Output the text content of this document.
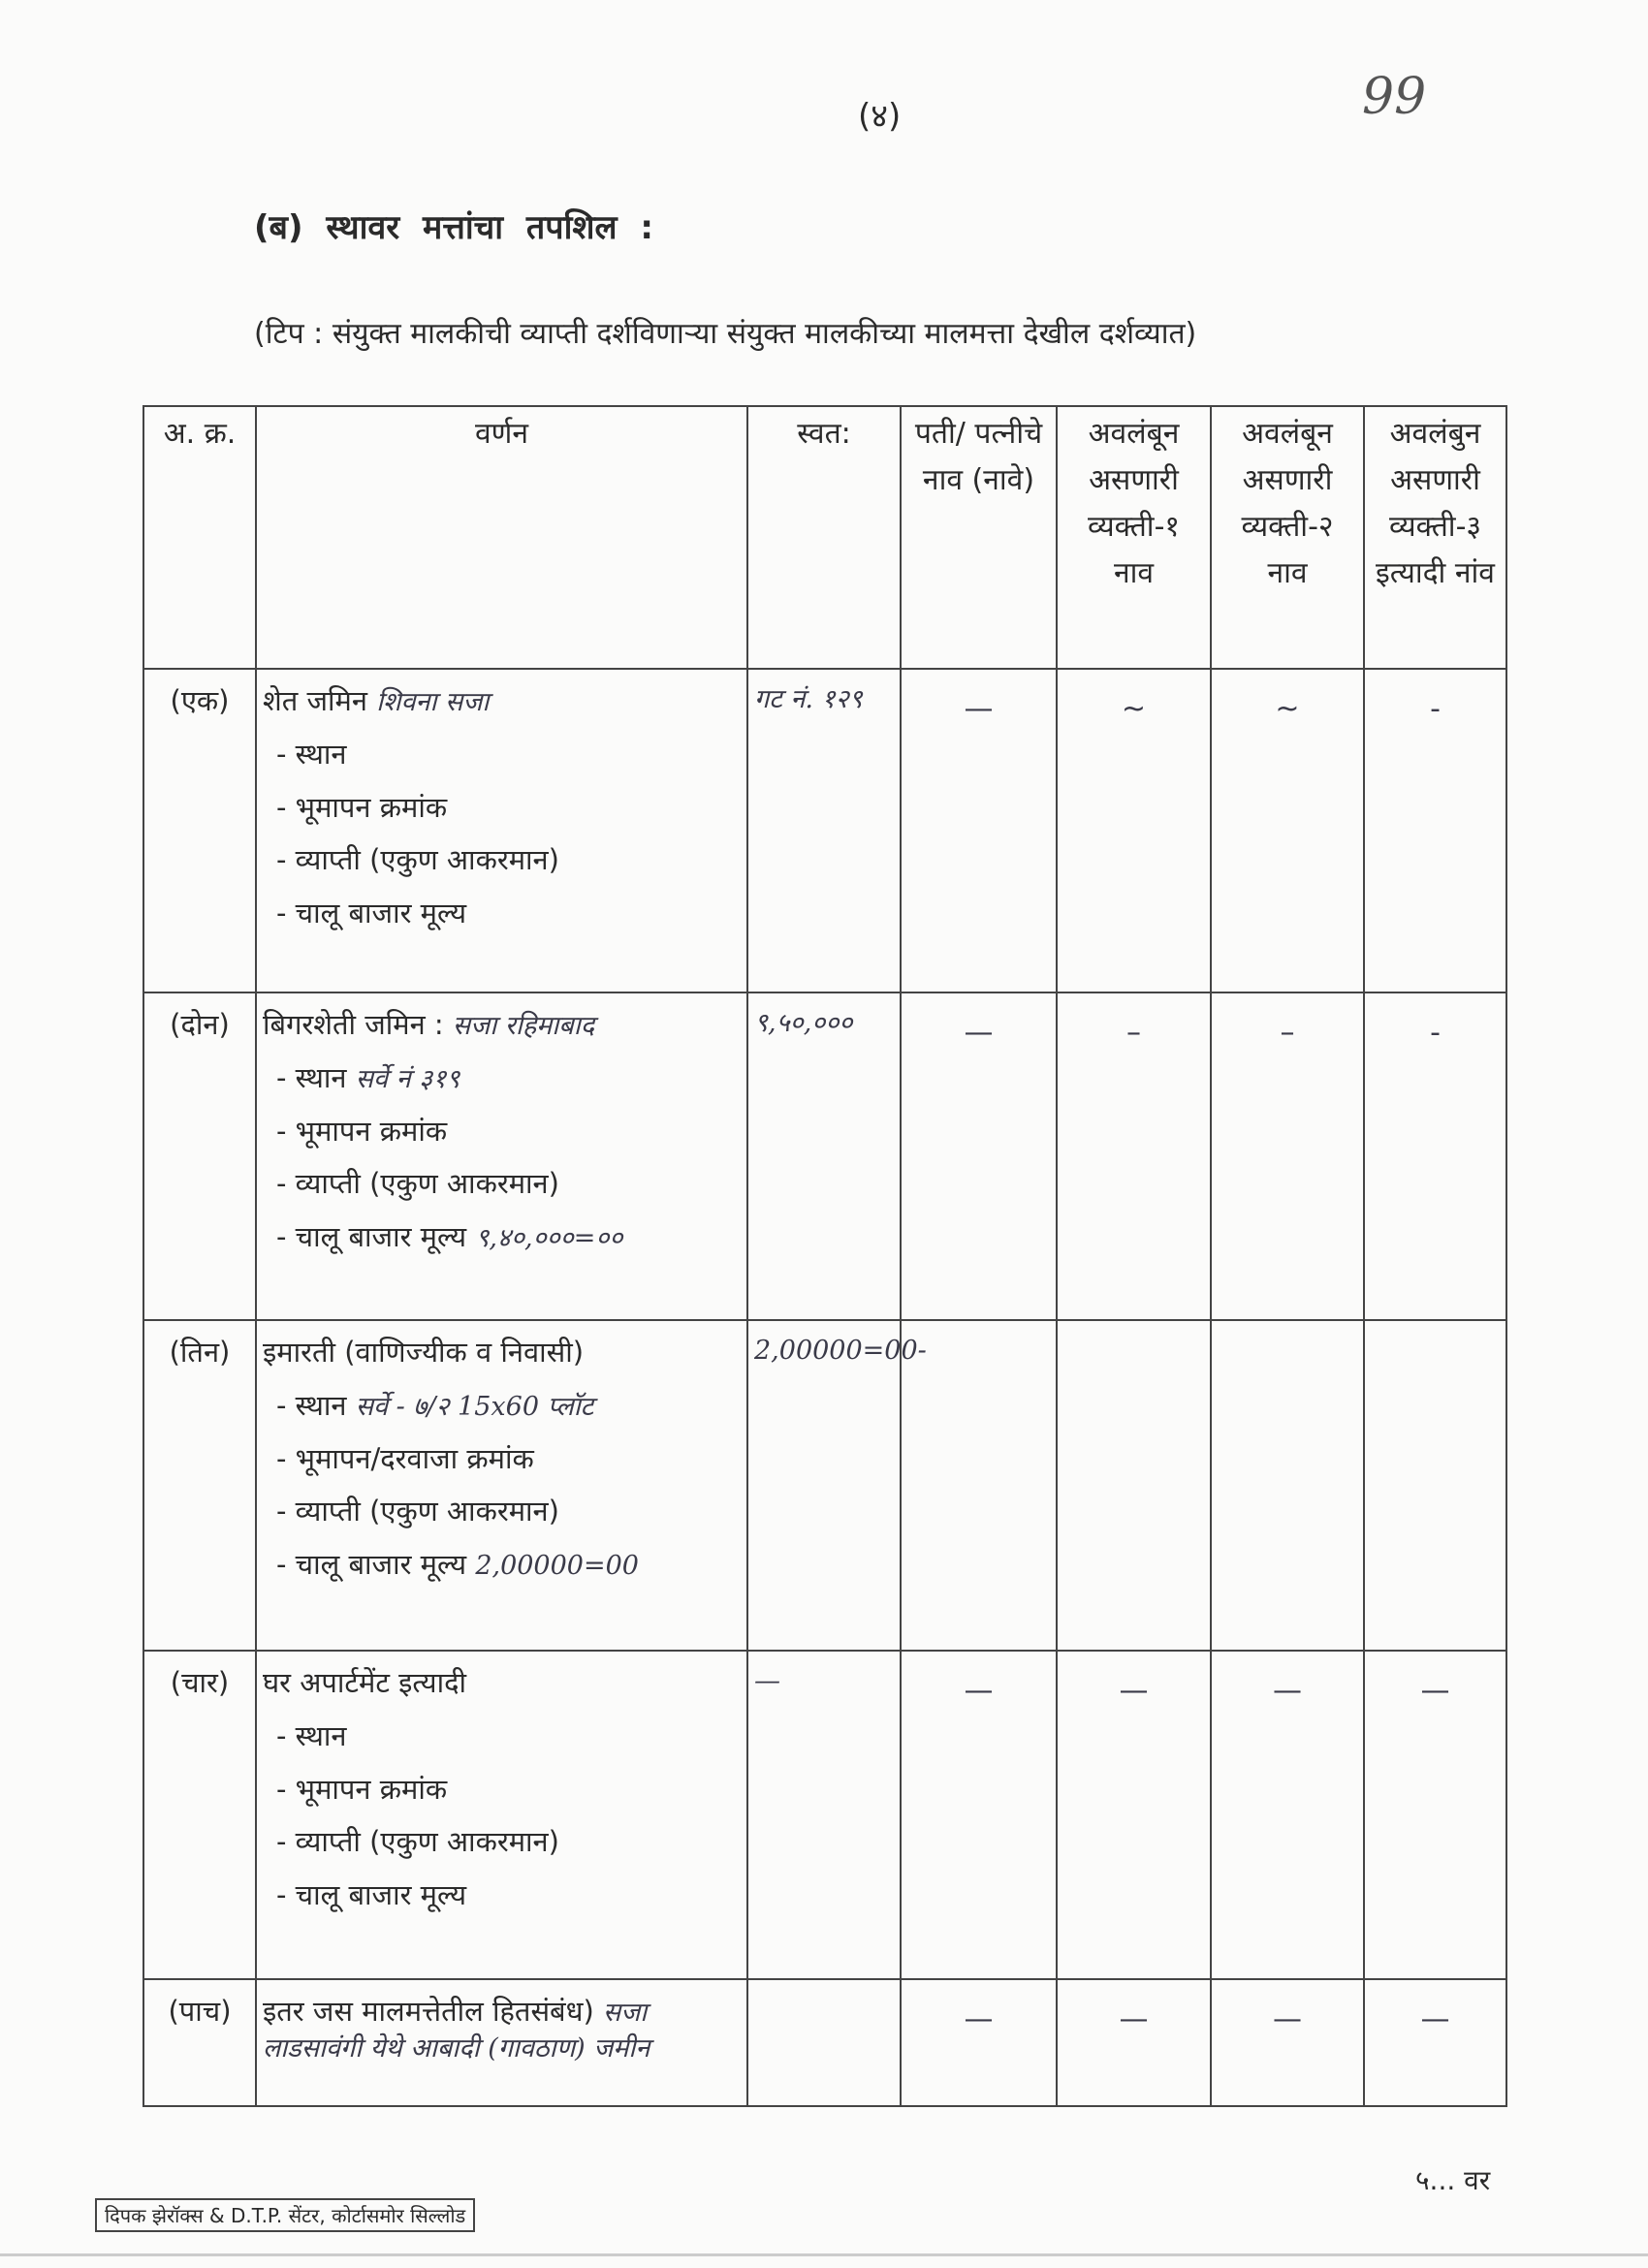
(४)	99
(ब) स्थावर मत्तांचा तपशिल :
(टिप : संयुक्त मालकीची व्याप्ती दर्शविणाऱ्या संयुक्त मालकीच्या मालमत्ता देखील दर्शव्यात)
अ. क्र.	वर्णन	स्वत:	पती/ पत्नीचे नाव (नावे)	अवलंबून असणारी व्यक्ती-१ नाव	अवलंबून असणारी व्यक्ती-२ नाव	अवलंबुन असणारी व्यक्ती-३ इत्यादी नांव
(एक)	शेत जमिन शिवना सजा
- स्थान
- भूमापन क्रमांक
- व्याप्ती (एकुण आकरमान)
- चालू बाजार मूल्य	गट नं. १२९	—	~	~	-
(दोन)	बिगरशेती जमिन : सजा रहिमाबाद
- स्थान सर्वे नं ३१९
- भूमापन क्रमांक
- व्याप्ती (एकुण आकरमान)
- चालू बाजार मूल्य ९,४०,०००=००	९,५०,०००	—	–	–	-
(तिन)	इमारती (वाणिज्यीक व निवासी)
- स्थान सर्वे - ७/२ 15x60 प्लॉट
- भूमापन/दरवाजा क्रमांक
- व्याप्ती (एकुण आकरमान)
- चालू बाजार मूल्य 2,00000=00	2,00000=00-				
(चार)	घर अपार्टमेंट इत्यादी
- स्थान
- भूमापन क्रमांक
- व्याप्ती (एकुण आकरमान)
- चालू बाजार मूल्य	—	—	—	—	—
(पाच)	इतर जस मालमत्तेतील हितसंबंध) सजा लाडसावंगी येथे आबादी (गावठाण) जमीन		—	—	—	—
५... वर
दिपक झेरॉक्स & D.T.P. सेंटर, कोर्टासमोर सिल्लोड
